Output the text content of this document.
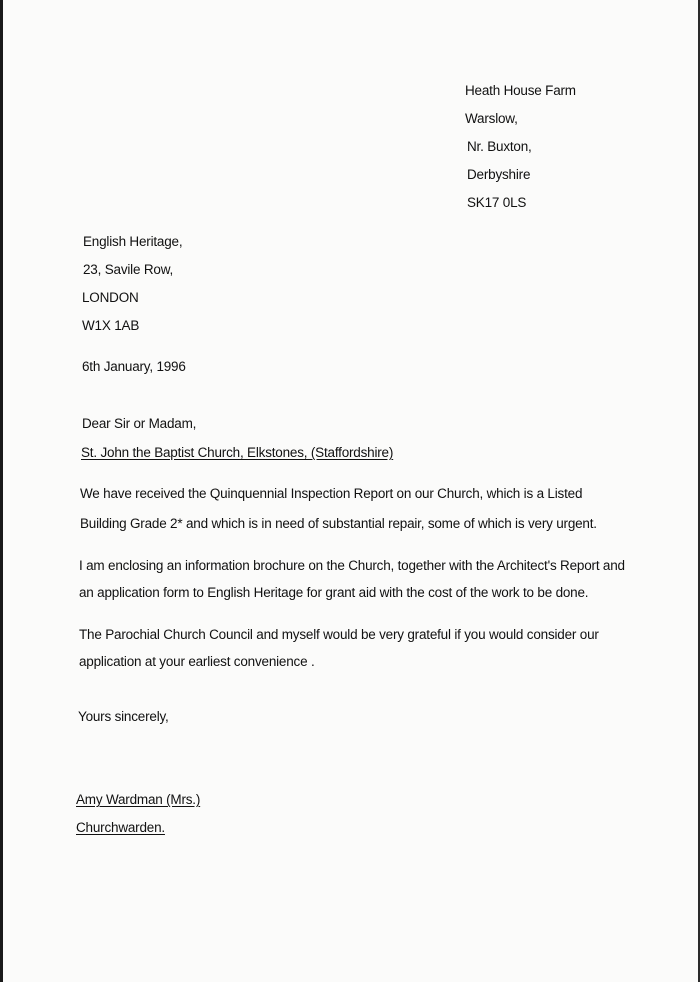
Heath House Farm
Warslow,
Nr. Buxton,
Derbyshire
SK17 0LS
English Heritage,
23, Savile Row,
LONDON
W1X 1AB
6th January, 1996
Dear Sir or Madam,
St. John the Baptist Church, Elkstones, (Staffordshire)
We have received the Quinquennial Inspection Report on our Church, which is a Listed
Building Grade 2* and which is in need of substantial repair, some of which is very urgent.
I am enclosing an information brochure on the Church, together with the Architect's Report and
an application form to English Heritage for grant aid with the cost of the work to be done.
The Parochial Church Council and myself would be very grateful if you would consider our
application at your earliest convenience .
Yours sincerely,
Amy Wardman (Mrs.)
Churchwarden.
